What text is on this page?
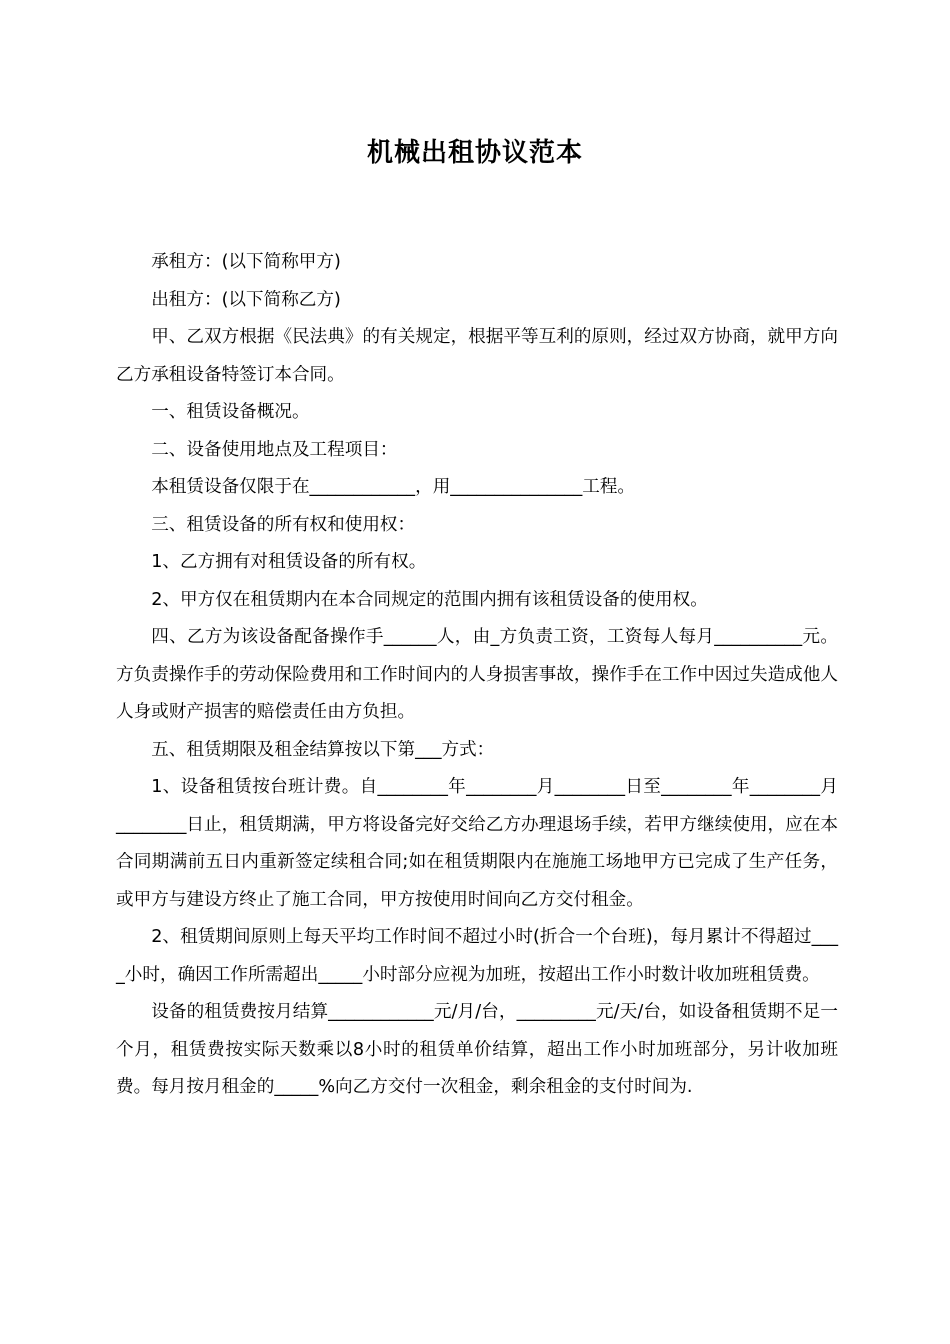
机械出租协议范本

承租方：(以下简称甲方)

出租方：(以下简称乙方)

甲、乙双方根据《民法典》的有关规定，根据平等互利的原则，经过双方协商，就甲方向乙方承租设备特签订本合同。

一、租赁设备概况。

二、设备使用地点及工程项目：

本租赁设备仅限于在____________，用_______________工程。

三、租赁设备的所有权和使用权：

1、乙方拥有对租赁设备的所有权。

2、甲方仅在租赁期内在本合同规定的范围内拥有该租赁设备的使用权。

四、乙方为该设备配备操作手______人，由_方负责工资，工资每人每月__________元。方负责操作手的劳动保险费用和工作时间内的人身损害事故，操作手在工作中因过失造成他人人身或财产损害的赔偿责任由方负担。

五、租赁期限及租金结算按以下第___方式：

1、设备租赁按台班计费。自________年________月________日至________年________月________日止，租赁期满，甲方将设备完好交给乙方办理退场手续，若甲方继续使用，应在本合同期满前五日内重新签定续租合同;如在租赁期限内在施施工场地甲方已完成了生产任务，或甲方与建设方终止了施工合同，甲方按使用时间向乙方交付租金。

2、租赁期间原则上每天平均工作时间不超过小时(折合一个台班)，每月累计不得超过____小时，确因工作所需超出_____小时部分应视为加班，按超出工作小时数计收加班租赁费。

设备的租赁费按月结算____________元/月/台，_________元/天/台，如设备租赁期不足一个月，租赁费按实际天数乘以8小时的租赁单价结算，超出工作小时加班部分，另计收加班费。每月按月租金的_____%向乙方交付一次租金，剩余租金的支付时间为.
